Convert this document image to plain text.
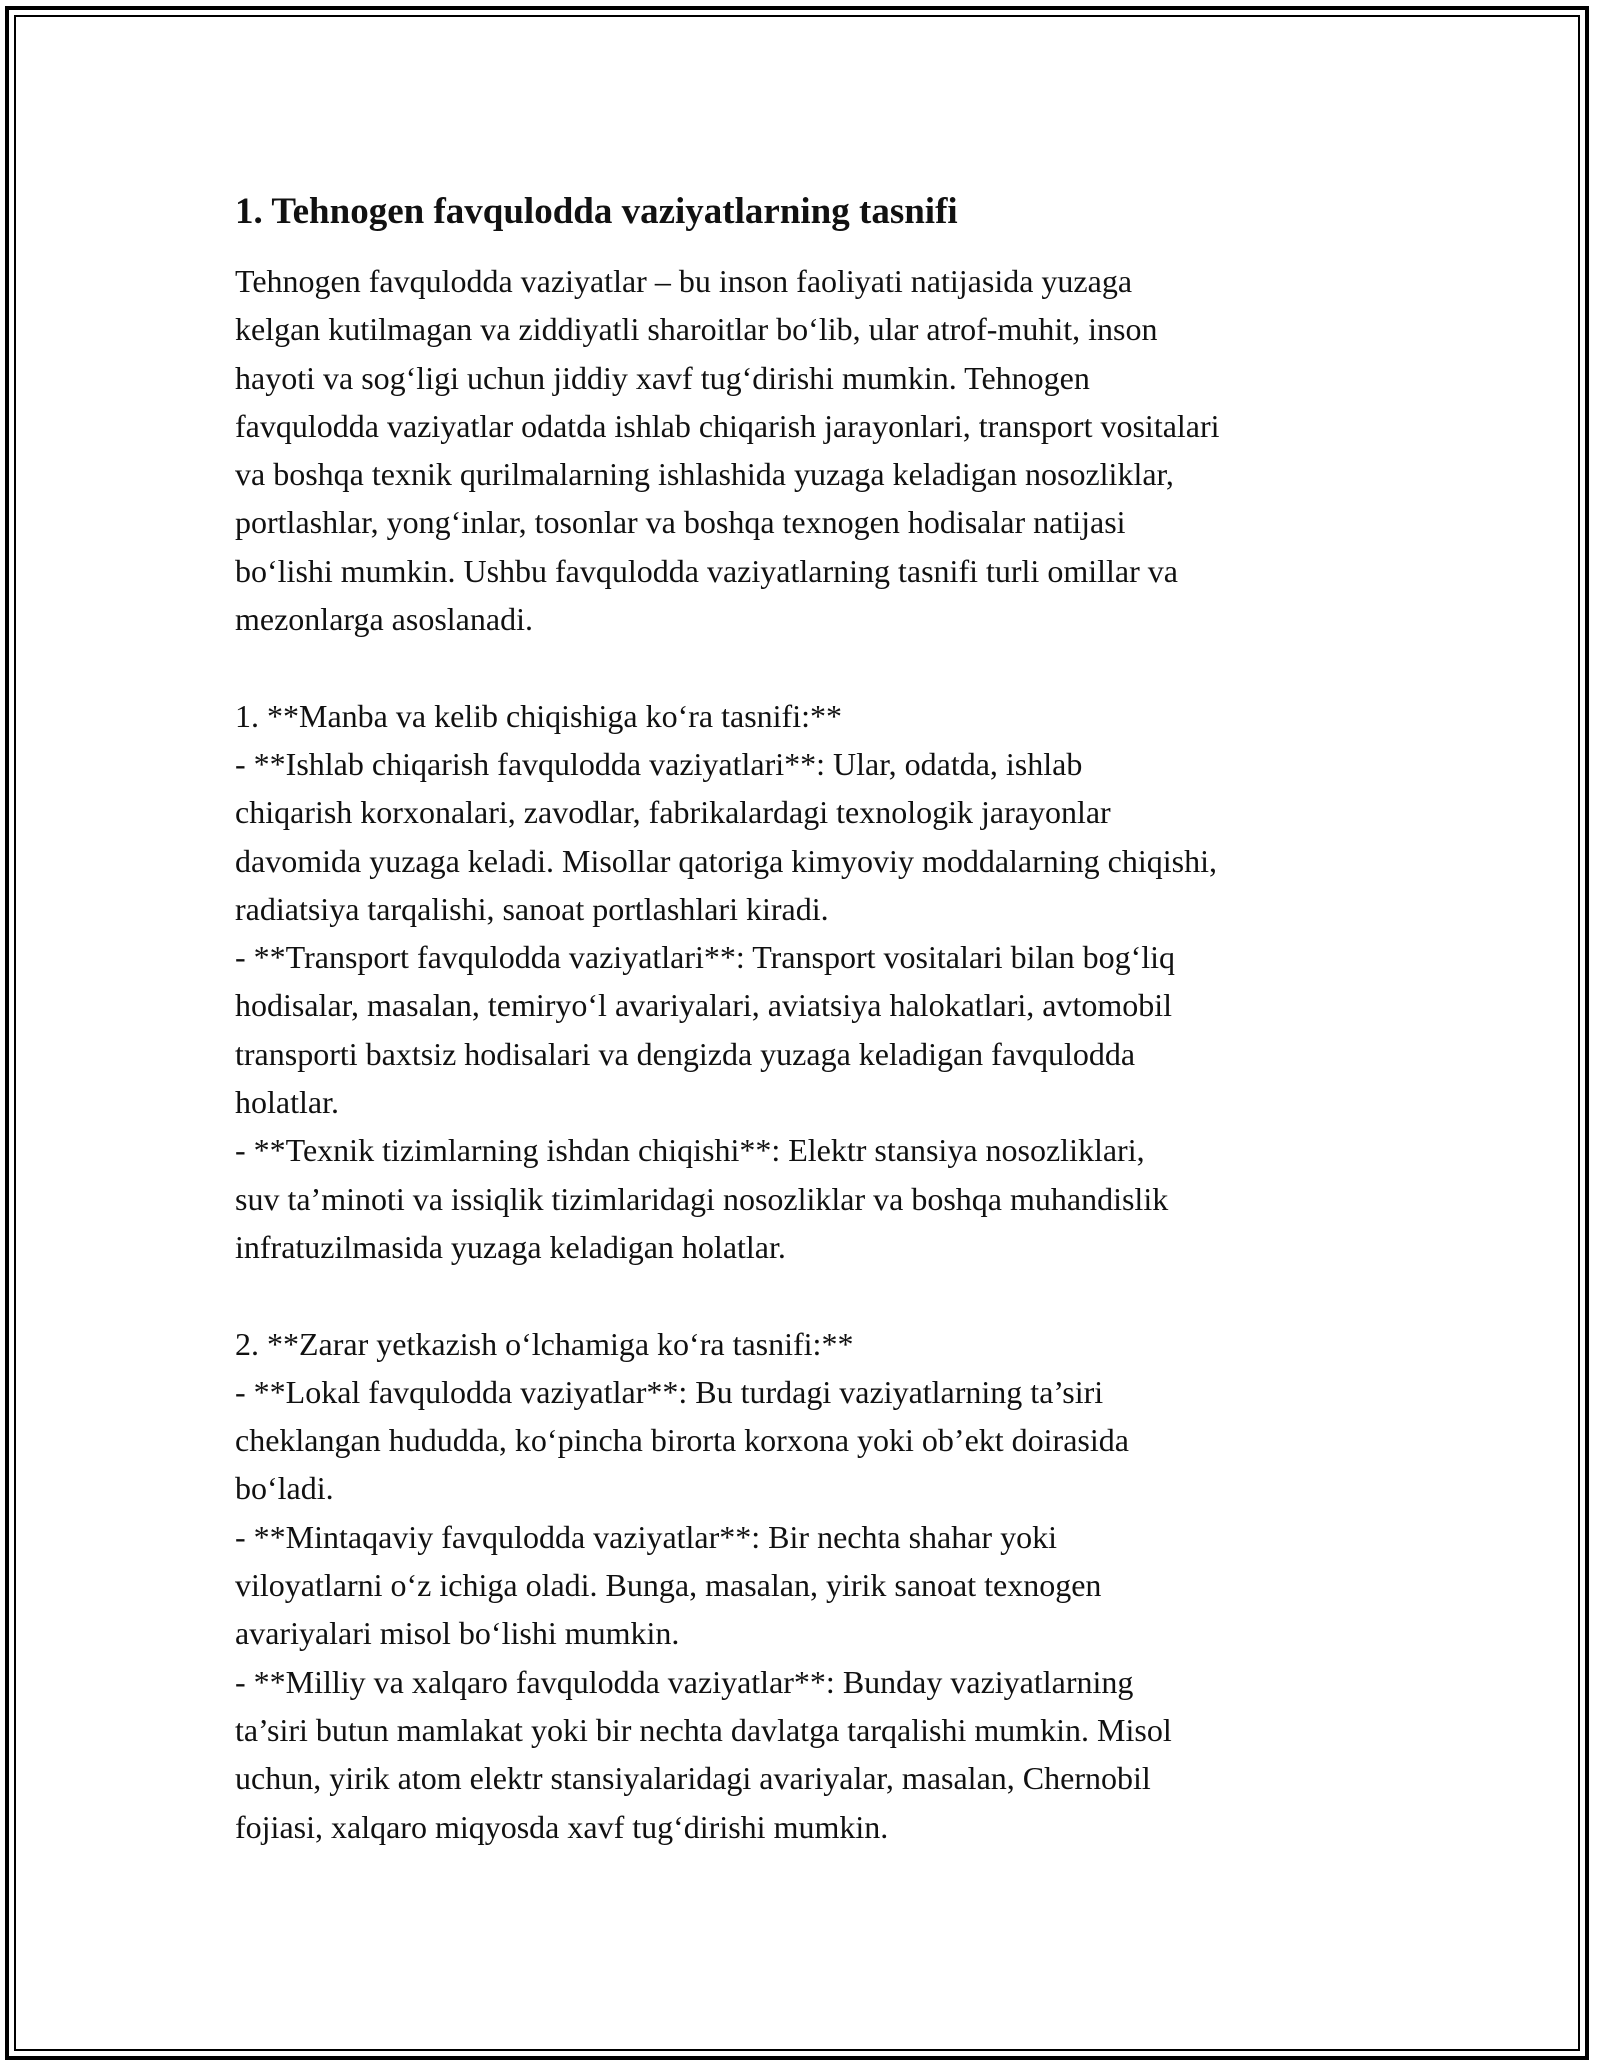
1. Tehnogen favqulodda vaziyatlarning tasnifi

Tehnogen favqulodda vaziyatlar – bu inson faoliyati natijasida yuzaga
kelgan kutilmagan va ziddiyatli sharoitlar bo‘lib, ular atrof-muhit, inson
hayoti va sog‘ligi uchun jiddiy xavf tug‘dirishi mumkin. Tehnogen
favqulodda vaziyatlar odatda ishlab chiqarish jarayonlari, transport vositalari
va boshqa texnik qurilmalarning ishlashida yuzaga keladigan nosozliklar,
portlashlar, yong‘inlar, tosonlar va boshqa texnogen hodisalar natijasi
bo‘lishi mumkin. Ushbu favqulodda vaziyatlarning tasnifi turli omillar va
mezonlarga asoslanadi.

1. **Manba va kelib chiqishiga ko‘ra tasnifi:**
- **Ishlab chiqarish favqulodda vaziyatlari**: Ular, odatda, ishlab
chiqarish korxonalari, zavodlar, fabrikalardagi texnologik jarayonlar
davomida yuzaga keladi. Misollar qatoriga kimyoviy moddalarning chiqishi,
radiatsiya tarqalishi, sanoat portlashlari kiradi.
- **Transport favqulodda vaziyatlari**: Transport vositalari bilan bog‘liq
hodisalar, masalan, temiryo‘l avariyalari, aviatsiya halokatlari, avtomobil
transporti baxtsiz hodisalari va dengizda yuzaga keladigan favqulodda
holatlar.
- **Texnik tizimlarning ishdan chiqishi**: Elektr stansiya nosozliklari,
suv ta’minoti va issiqlik tizimlaridagi nosozliklar va boshqa muhandislik
infratuzilmasida yuzaga keladigan holatlar.

2. **Zarar yetkazish o‘lchamiga ko‘ra tasnifi:**
- **Lokal favqulodda vaziyatlar**: Bu turdagi vaziyatlarning ta’siri
cheklangan hududda, ko‘pincha birorta korxona yoki ob’ekt doirasida
bo‘ladi.
- **Mintaqaviy favqulodda vaziyatlar**: Bir nechta shahar yoki
viloyatlarni o‘z ichiga oladi. Bunga, masalan, yirik sanoat texnogen
avariyalari misol bo‘lishi mumkin.
- **Milliy va xalqaro favqulodda vaziyatlar**: Bunday vaziyatlarning
ta’siri butun mamlakat yoki bir nechta davlatga tarqalishi mumkin. Misol
uchun, yirik atom elektr stansiyalaridagi avariyalar, masalan, Chernobil
fojiasi, xalqaro miqyosda xavf tug‘dirishi mumkin.
